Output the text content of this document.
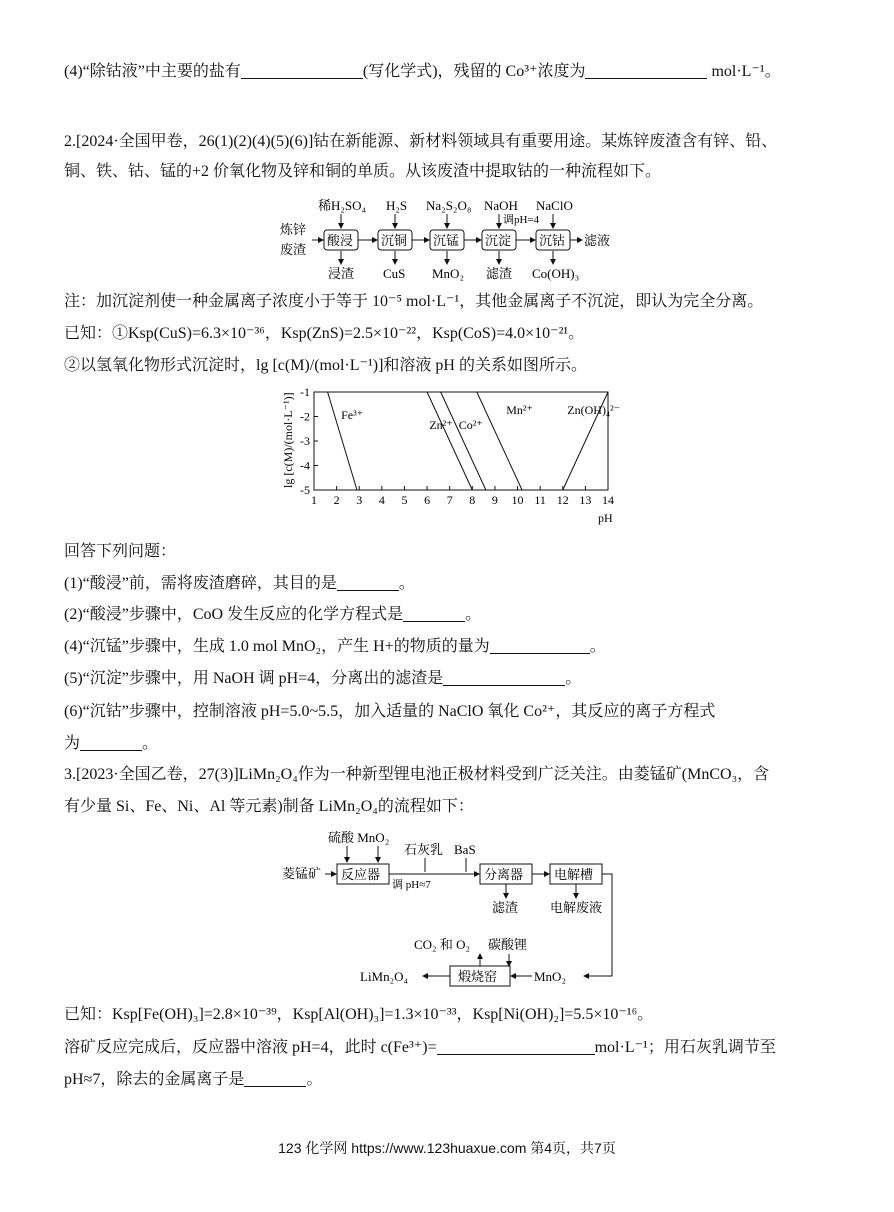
(4)“除钴液”中主要的盐有	(写化学式)，残留的 Co³⁺浓度为	mol·L⁻¹。
2.[2024·全国甲卷，26(1)(2)(4)(5)(6)]钴在新能源、新材料领域具有重要用途。某炼锌废渣含有锌、铅、
铜、铁、钴、锰的+2 价氧化物及锌和铜的单质。从该废渣中提取钴的一种流程如下。
炼锌
废渣
酸浸 沉铜 沉锰 沉淀 沉钴 滤液
稀H₂SO₄ H₂S Na₂S₂O₈ NaOH
调pH=4
NaClO
浸渣 CuS MnO₂ 滤渣 Co(OH)₃
注：加沉淀剂使一种金属离子浓度小于等于 10⁻⁵ mol·L⁻¹，其他金属离子不沉淀，即认为完全分离。
已知：①Ksp(CuS)=6.3×10⁻³⁶，Ksp(ZnS)=2.5×10⁻²²，Ksp(CoS)=4.0×10⁻²¹。
②以氢氧化物形式沉淀时，lg [c(M)/(mol·L⁻¹)]和溶液 pH 的关系如图所示。
lg [c(M)/(mol·L⁻¹)]
pH
1 2 3 4 5 6 7 8 9 10 11 12 13 14
-1
-2
-3
-4
-5
Fe³⁺
Zn²⁺ Co²⁺
Mn²⁺	Zn(OH)₄²⁻
回答下列问题：
(1)“酸浸”前，需将废渣磨碎，其目的是	。
(2)“酸浸”步骤中，CoO 发生反应的化学方程式是	。
(4)“沉锰”步骤中，生成 1.0 mol MnO₂，产生 H+的物质的量为	。
(5)“沉淀”步骤中，用 NaOH 调 pH=4，分离出的滤渣是	。
(6)“沉钴”步骤中，控制溶液 pH=5.0~5.5，加入适量的 NaClO 氧化 Co²⁺，其反应的离子方程式
为	。
3.[2023·全国乙卷，27(3)]LiMn₂O₄作为一种新型锂电池正极材料受到广泛关注。由菱锰矿(MnCO₃，含
有少量 Si、Fe、Ni、Al 等元素)制备 LiMn₂O₄的流程如下：
硫酸 MnO₂
石灰乳 BaS
菱锰矿 反应器
调 pH≈7
分离器 电解槽
滤渣 电解废液
CO₂ 和 O₂ 碳酸锂
煅烧窑	MnO₂
LiMn₂O₄
已知：Ksp[Fe(OH)₃]=2.8×10⁻³⁹，Ksp[Al(OH)₃]=1.3×10⁻³³，Ksp[Ni(OH)₂]=5.5×10⁻¹⁶。
溶矿反应完成后，反应器中溶液 pH=4，此时 c(Fe³⁺)=	mol·L⁻¹；用石灰乳调节至
pH≈7，除去的金属离子是	。
123 化学网 https://www.123huaxue.com 第4页，共7页
